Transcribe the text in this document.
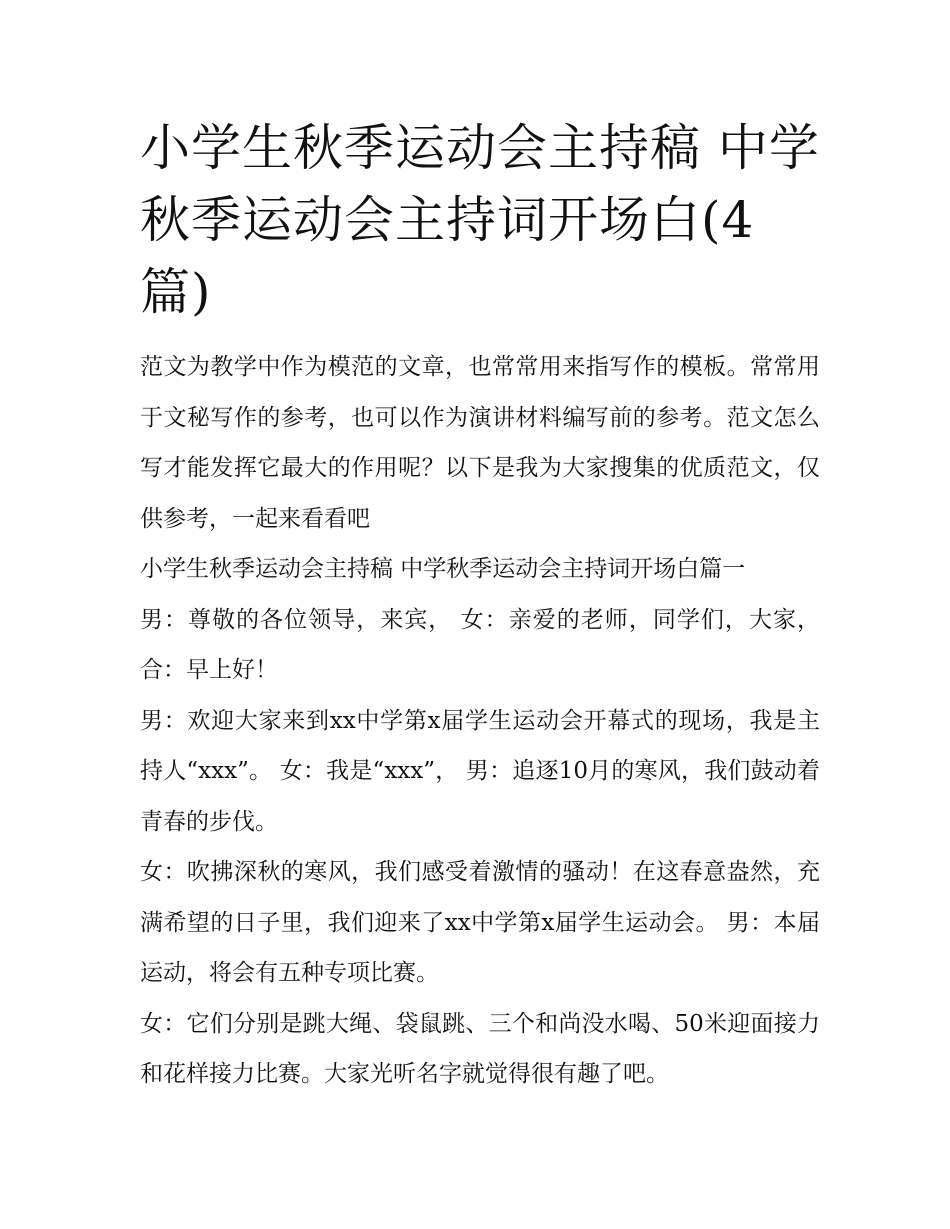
小学生秋季运动会主持稿 中学秋季运动会主持词开场白(4篇)

范文为教学中作为模范的文章，也常常用来指写作的模板。常常用于文秘写作的参考，也可以作为演讲材料编写前的参考。范文怎么写才能发挥它最大的作用呢？以下是我为大家搜集的优质范文，仅供参考，一起来看看吧

小学生秋季运动会主持稿 中学秋季运动会主持词开场白篇一

男：尊敬的各位领导，来宾， 女：亲爱的老师，同学们，大家， 合：早上好！

男：欢迎大家来到xx中学第x届学生运动会开幕式的现场，我是主持人“xxx”。 女：我是“xxx”， 男：追逐10月的寒风，我们鼓动着青春的步伐。

女：吹拂深秋的寒风，我们感受着激情的骚动！在这春意盎然，充满希望的日子里，我们迎来了xx中学第x届学生运动会。 男：本届运动，将会有五种专项比赛。

女：它们分别是跳大绳、袋鼠跳、三个和尚没水喝、50米迎面接力和花样接力比赛。大家光听名字就觉得很有趣了吧。
